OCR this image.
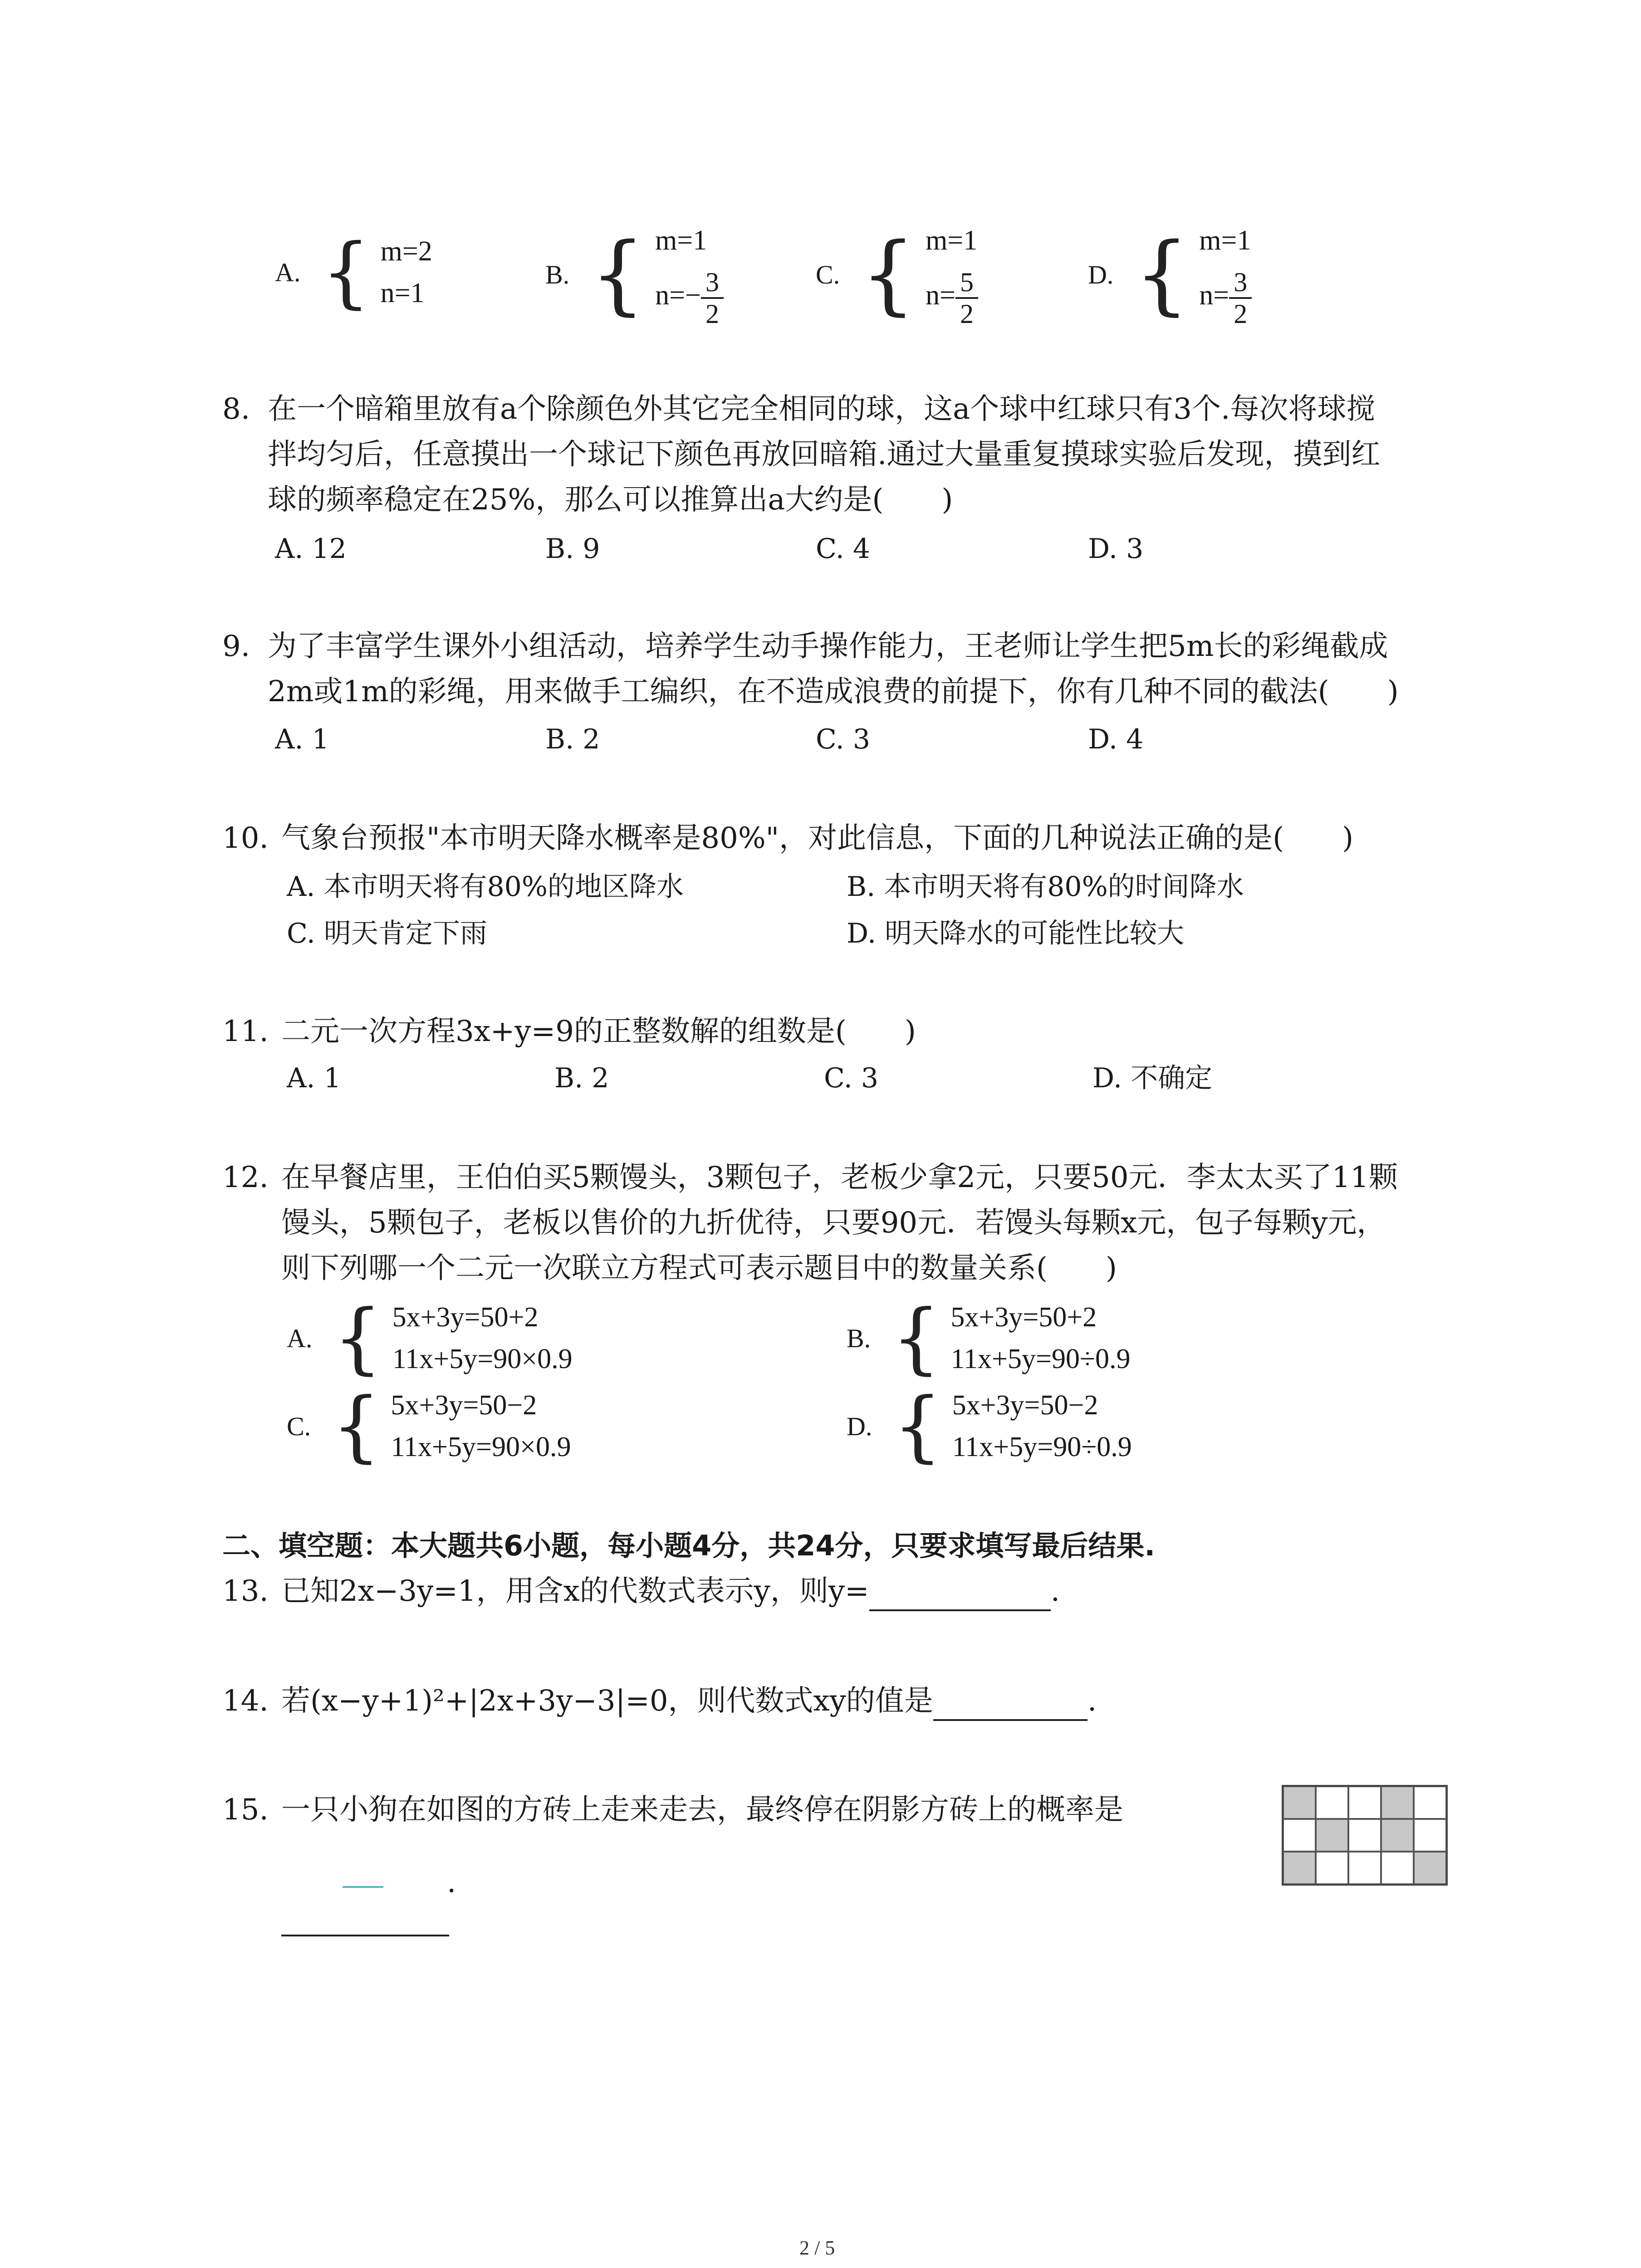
A. { m=2
n=1
B. { m=1
$n=- \frac{3}{2}$	C. { m=1
$n= \frac{5}{2}$	D. { m=1
$n= \frac{3}{2}$
8. 在一个暗箱里放有a个除颜色外其它完全相同的球，这a个球中红球只有3个.每次将球搅
拌均匀后，任意摸出一个球记下颜色再放回暗箱.通过大量重复摸球实验后发现，摸到红
球的频率稳定在25%，那么可以推算出a大约是(　　)
A. 12	B. 9	C. 4	D. 3
9. 为了丰富学生课外小组活动，培养学生动手操作能力，王老师让学生把5m长的彩绳截成
2m或1m的彩绳，用来做手工编织，在不造成浪费的前提下，你有几种不同的截法(　　)
A. 1	B. 2	C. 3	D. 4
10. 气象台预报"本市明天降水概率是80%"，对此信息，下面的几种说法正确的是(　　)
A. 本市明天将有80%的地区降水	B. 本市明天将有80%的时间降水
C. 明天肯定下雨	D. 明天降水的可能性比较大
11. 二元一次方程3x+y=9的正整数解的组数是(　　)
A. 1	B. 2	C. 3	D. 不确定
12. 在早餐店里，王伯伯买5颗馒头，3颗包子，老板少拿2元，只要50元．李太太买了11颗
馒头，5颗包子，老板以售价的九折优待，只要90元．若馒头每颗x元，包子每颗y元，
则下列哪一个二元一次联立方程式可表示题目中的数量关系(　　)
A. { 5x+3y=50+2
11x+5y=90×0.9
B. { 5x+3y=50+2
11x+5y=90÷0.9
C. { 5x+3y=50−2
11x+5y=90×0.9
D. { 5x+3y=50−2
11x+5y=90÷0.9
二、填空题：本大题共6小题，每小题4分，共24分，只要求填写最后结果.
13. 已知2x−3y=1，用含x的代数式表示y，则y=	.
14. 若(x−y+1)²+|2x+3y−3|=0，则代数式xy的值是	.
15. 一只小狗在如图的方砖上走来走去，最终停在阴影方砖上的概率是
.
2 / 5
